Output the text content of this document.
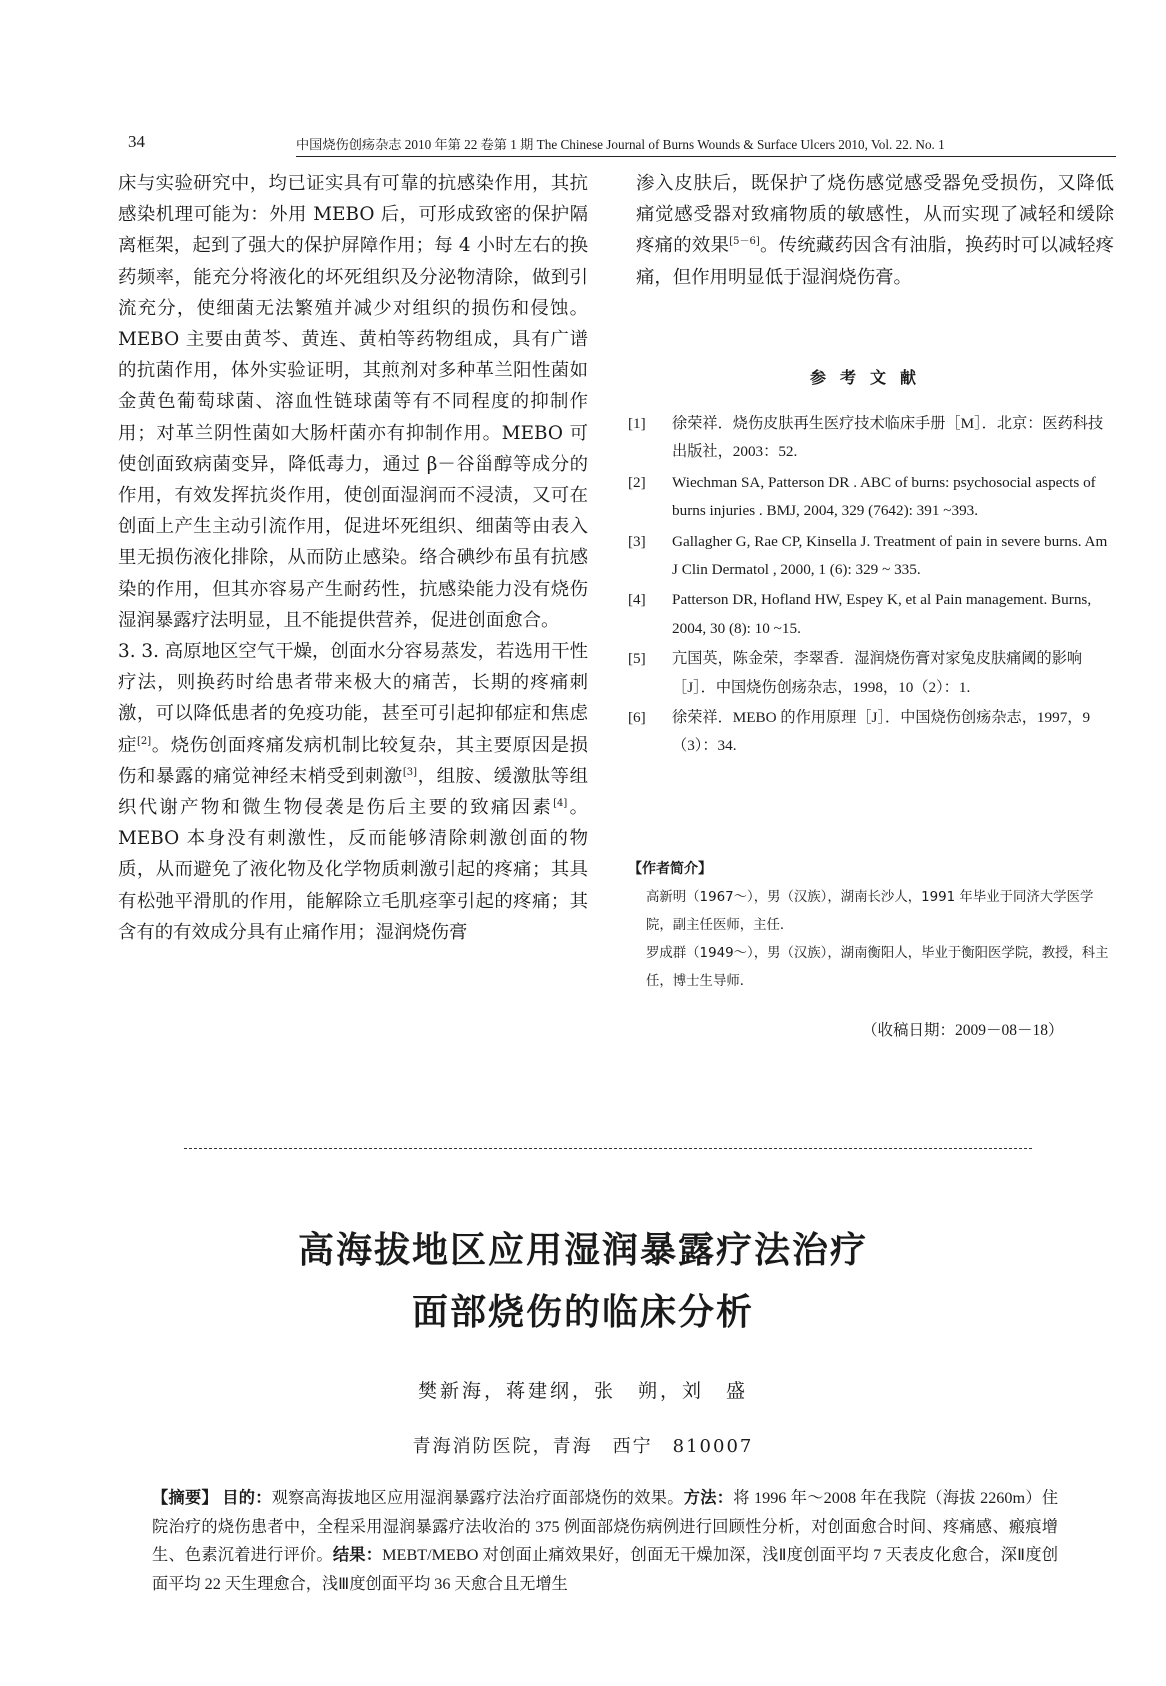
34	中国烧伤创疡杂志 2010 年第 22 卷第 1 期 The Chinese Journal of Burns Wounds & Surface Ulcers 2010, Vol. 22. No. 1

床与实验研究中，均已证实具有可靠的抗感染作用，其抗感染机理可能为：外用 MEBO 后，可形成致密的保护隔离框架，起到了强大的保护屏障作用；每 4 小时左右的换药频率，能充分将液化的坏死组织及分泌物清除，做到引流充分，使细菌无法繁殖并减少对组织的损伤和侵蚀。MEBO 主要由黄芩、黄连、黄柏等药物组成，具有广谱的抗菌作用，体外实验证明，其煎剂对多种革兰阳性菌如金黄色葡萄球菌、溶血性链球菌等有不同程度的抑制作用；对革兰阴性菌如大肠杆菌亦有抑制作用。MEBO 可使创面致病菌变异，降低毒力，通过 β－谷甾醇等成分的作用，有效发挥抗炎作用，使创面湿润而不浸渍，又可在创面上产生主动引流作用，促进坏死组织、细菌等由表入里无损伤液化排除，从而防止感染。络合碘纱布虽有抗感染的作用，但其亦容易产生耐药性，抗感染能力没有烧伤湿润暴露疗法明显，且不能提供营养，促进创面愈合。

3. 3. 高原地区空气干燥，创面水分容易蒸发，若选用干性疗法，则换药时给患者带来极大的痛苦，长期的疼痛刺激，可以降低患者的免疫功能，甚至可引起抑郁症和焦虑症[2]。烧伤创面疼痛发病机制比较复杂，其主要原因是损伤和暴露的痛觉神经末梢受到刺激[3]，组胺、缓激肽等组织代谢产物和微生物侵袭是伤后主要的致痛因素[4]。MEBO 本身没有刺激性，反而能够清除刺激创面的物质，从而避免了液化物及化学物质刺激引起的疼痛；其具有松弛平滑肌的作用，能解除立毛肌痉挛引起的疼痛；其含有的有效成分具有止痛作用；湿润烧伤膏

渗入皮肤后，既保护了烧伤感觉感受器免受损伤，又降低痛觉感受器对致痛物质的敏感性，从而实现了减轻和缓除疼痛的效果[5－6]。传统藏药因含有油脂，换药时可以减轻疼痛，但作用明显低于湿润烧伤膏。

参考文献
[1] 徐荣祥．烧伤皮肤再生医疗技术临床手册［M］．北京：医药科技出版社，2003：52.
[2] Wiechman SA, Patterson DR . ABC of burns: psychosocial aspects of burns injuries . BMJ, 2004, 329 (7642): 391 ~393.
[3] Gallagher G, Rae CP, Kinsella J. Treatment of pain in severe burns. Am J Clin Dermatol , 2000, 1 (6): 329 ~ 335.
[4] Patterson DR, Hofland HW, Espey K, et al Pain management. Burns, 2004, 30 (8): 10 ~15.
[5] 亢国英，陈金荣，李翠香．湿润烧伤膏对家兔皮肤痛阈的影响［J］．中国烧伤创疡杂志，1998，10（2）：1.
[6] 徐荣祥．MEBO 的作用原理［J］．中国烧伤创疡杂志，1997，9（3）：34.
【作者简介】
高新明（1967～），男（汉族），湖南长沙人，1991 年毕业于同济大学医学院，副主任医师，主任．
罗成群（1949～），男（汉族），湖南衡阳人，毕业于衡阳医学院，教授，科主任，博士生导师．
（收稿日期：2009－08－18）
高海拔地区应用湿润暴露疗法治疗
面部烧伤的临床分析
樊新海，蒋建纲，张　朔，刘　盛
青海消防医院，青海　西宁　810007
【摘要】 目的：观察高海拔地区应用湿润暴露疗法治疗面部烧伤的效果。方法：将 1996 年～2008 年在我院（海拔 2260m）住院治疗的烧伤患者中，全程采用湿润暴露疗法收治的 375 例面部烧伤病例进行回顾性分析，对创面愈合时间、疼痛感、瘢痕增生、色素沉着进行评价。结果：MEBT/MEBO 对创面止痛效果好，创面无干燥加深，浅Ⅱ度创面平均 7 天表皮化愈合，深Ⅱ度创面平均 22 天生理愈合，浅Ⅲ度创面平均 36 天愈合且无增生
